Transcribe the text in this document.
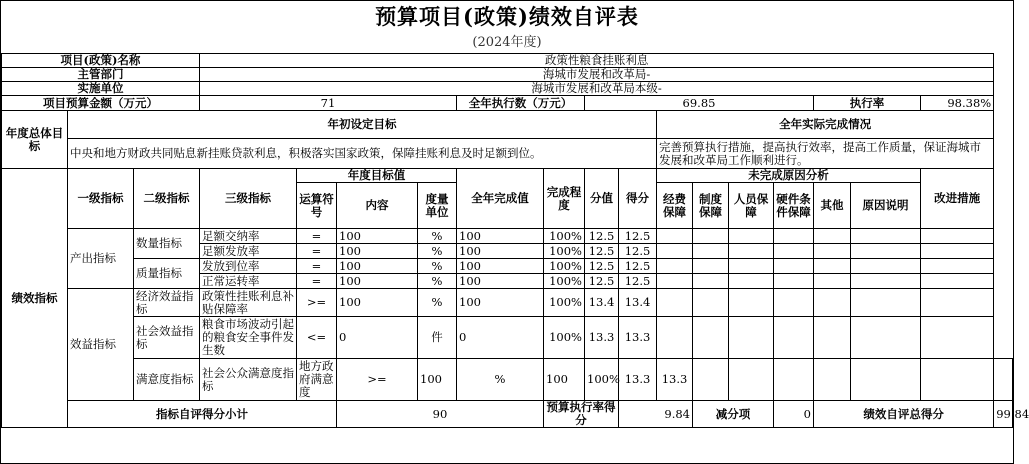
预算项目(政策)绩效自评表
(2024年度)
项目(政策)名称			政策性粮食挂账利息															
主管部门			海城市发展和改革局-															
实施单位			海城市发展和改革局本级-															
项目预算金额（万元）			71				全年执行数（万元）		69.85						执行率		98.38%	
年度总体目标	年初设定目标										全年实际完成情况							
	中央和地方财政共同贴息新挂账贷款利息，积极落实国家政策，保障挂账利息及时足额到位。										完善预算执行措施，提高执行效率，提高工作质量，保证海城市发展和改革局工作顺利进行。							
绩效指标	一级指标	二级指标	三级指标	年度目标值			全年完成值	完成程度	分值	得分	未完成原因分析						改进措施	
				运算符号	内容	度量单位					经费保障	制度保障	人员保障	硬件条件保障	其他	原因说明		
	产出指标	数量指标	足额交纳率	=	100	%	100	100%	12.5	12.5								
			足额发放率	=	100	%	100	100%	12.5	12.5								
		质量指标	发放到位率	=	100	%	100	100%	12.5	12.5								
			正常运转率	=	100	%	100	100%	12.5	12.5								
	效益指标	经济效益指标	政策性挂账利息补贴保障率	>=	100	%	100	100%	13.4	13.4								
		社会效益指标	粮食市场波动引起的粮食安全事件发生数	<=	0	件	0	100%	13.3	13.3								
		满意度指标	社会公众满意度指标	地方政府满意度	>=	100	%	100	100%	13.3	13.3							
	指标自评得分小计				90			预算执行率得分		9.84		减分项		0	绩效自评总得分			99.84
